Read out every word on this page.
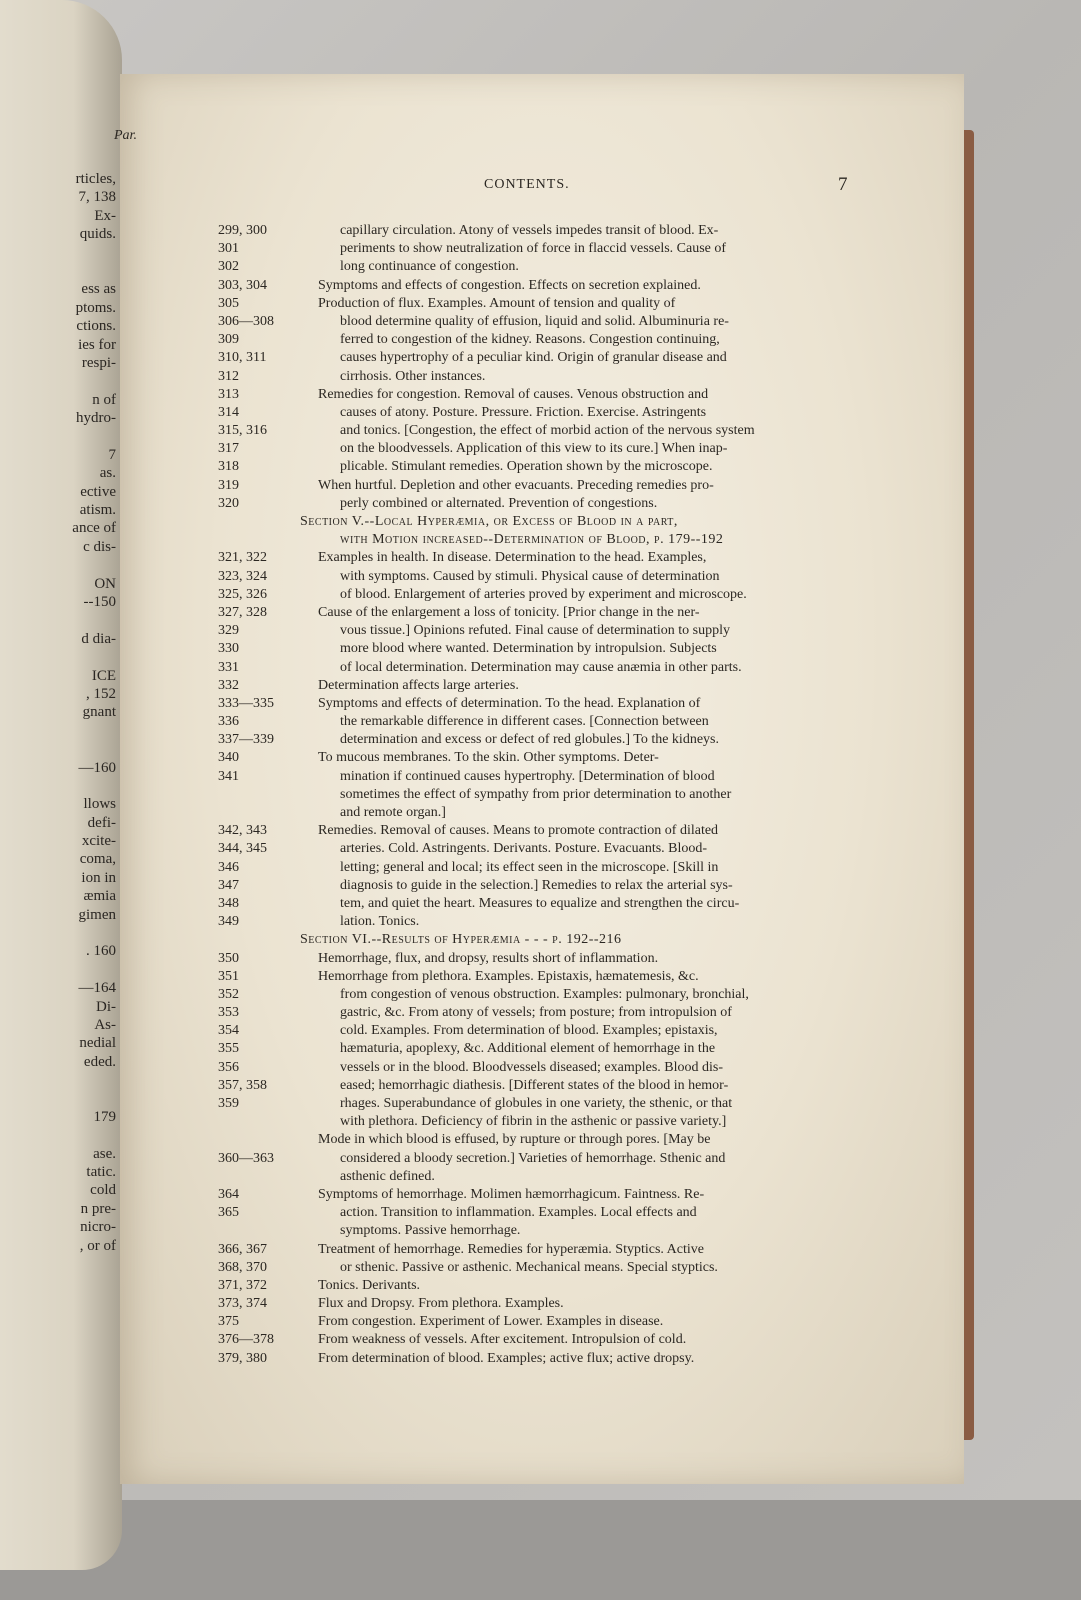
rticles,
7, 138
Ex-
quids.
ess as
ptoms.
ctions.
ies for
respi-
n of
hydro-
7
as.
ective
atism.
ance of
c dis-
ON
--150
d dia-
ICE
, 152
gnant
—160
llows
defi-
xcite-
coma,
ion in
æmia
gimen
. 160
—164
Di-
As-
nedial
eded.
179
ase.
tatic.
cold
n pre-
nicro-
, or of
CONTENTS.	7
299, 300	capillary circulation. Atony of vessels impedes transit of blood. Ex-
301	periments to show neutralization of force in flaccid vessels. Cause of
302	long continuance of congestion.
303, 304	Symptoms and effects of congestion. Effects on secretion explained.
305	Production of flux. Examples. Amount of tension and quality of
306—308	blood determine quality of effusion, liquid and solid. Albuminuria re-
309	ferred to congestion of the kidney. Reasons. Congestion continuing,
310, 311	causes hypertrophy of a peculiar kind. Origin of granular disease and
312	cirrhosis. Other instances.
313	Remedies for congestion. Removal of causes. Venous obstruction and
314	causes of atony. Posture. Pressure. Friction. Exercise. Astringents
315, 316	and tonics. [Congestion, the effect of morbid action of the nervous system
317	on the bloodvessels. Application of this view to its cure.] When inap-
318	plicable. Stimulant remedies. Operation shown by the microscope.
319	When hurtful. Depletion and other evacuants. Preceding remedies pro-
320	perly combined or alternated. Prevention of congestions.
Section V.--Local Hyperæmia, or Excess of Blood in a part,
with Motion increased--Determination of Blood, p. 179--192
321, 322	Examples in health. In disease. Determination to the head. Examples,
323, 324	with symptoms. Caused by stimuli. Physical cause of determination
325, 326	of blood. Enlargement of arteries proved by experiment and microscope.
327, 328	Cause of the enlargement a loss of tonicity. [Prior change in the ner-
329	vous tissue.] Opinions refuted. Final cause of determination to supply
330	more blood where wanted. Determination by intropulsion. Subjects
331	of local determination. Determination may cause anæmia in other parts.
332	Determination affects large arteries.
333—335	Symptoms and effects of determination. To the head. Explanation of
336	the remarkable difference in different cases. [Connection between
337—339	determination and excess or defect of red globules.] To the kidneys.
340	To mucous membranes. To the skin. Other symptoms. Deter-
341	mination if continued causes hypertrophy. [Determination of blood
sometimes the effect of sympathy from prior determination to another
and remote organ.]
342, 343	Remedies. Removal of causes. Means to promote contraction of dilated
344, 345	arteries. Cold. Astringents. Derivants. Posture. Evacuants. Blood-
346	letting; general and local; its effect seen in the microscope. [Skill in
347	diagnosis to guide in the selection.] Remedies to relax the arterial sys-
348	tem, and quiet the heart. Measures to equalize and strengthen the circu-
349	lation. Tonics.
Section VI.--Results of Hyperæmia - - - p. 192--216
350	Hemorrhage, flux, and dropsy, results short of inflammation.
351	Hemorrhage from plethora. Examples. Epistaxis, hæmatemesis, &c.
352	from congestion of venous obstruction. Examples: pulmonary, bronchial,
353	gastric, &c. From atony of vessels; from posture; from intropulsion of
354	cold. Examples. From determination of blood. Examples; epistaxis,
355	hæmaturia, apoplexy, &c. Additional element of hemorrhage in the
356	vessels or in the blood. Bloodvessels diseased; examples. Blood dis-
357, 358	eased; hemorrhagic diathesis. [Different states of the blood in hemor-
359	rhages. Superabundance of globules in one variety, the sthenic, or that
with plethora. Deficiency of fibrin in the asthenic or passive variety.]
Mode in which blood is effused, by rupture or through pores. [May be
360—363	considered a bloody secretion.] Varieties of hemorrhage. Sthenic and
asthenic defined.
364	Symptoms of hemorrhage. Molimen hæmorrhagicum. Faintness. Re-
365	action. Transition to inflammation. Examples. Local effects and
symptoms. Passive hemorrhage.
366, 367	Treatment of hemorrhage. Remedies for hyperæmia. Styptics. Active
368, 370	or sthenic. Passive or asthenic. Mechanical means. Special styptics.
371, 372	Tonics. Derivants.
373, 374	Flux and Dropsy. From plethora. Examples.
375	From congestion. Experiment of Lower. Examples in disease.
376—378	From weakness of vessels. After excitement. Intropulsion of cold.
379, 380	From determination of blood. Examples; active flux; active dropsy.
Par.
